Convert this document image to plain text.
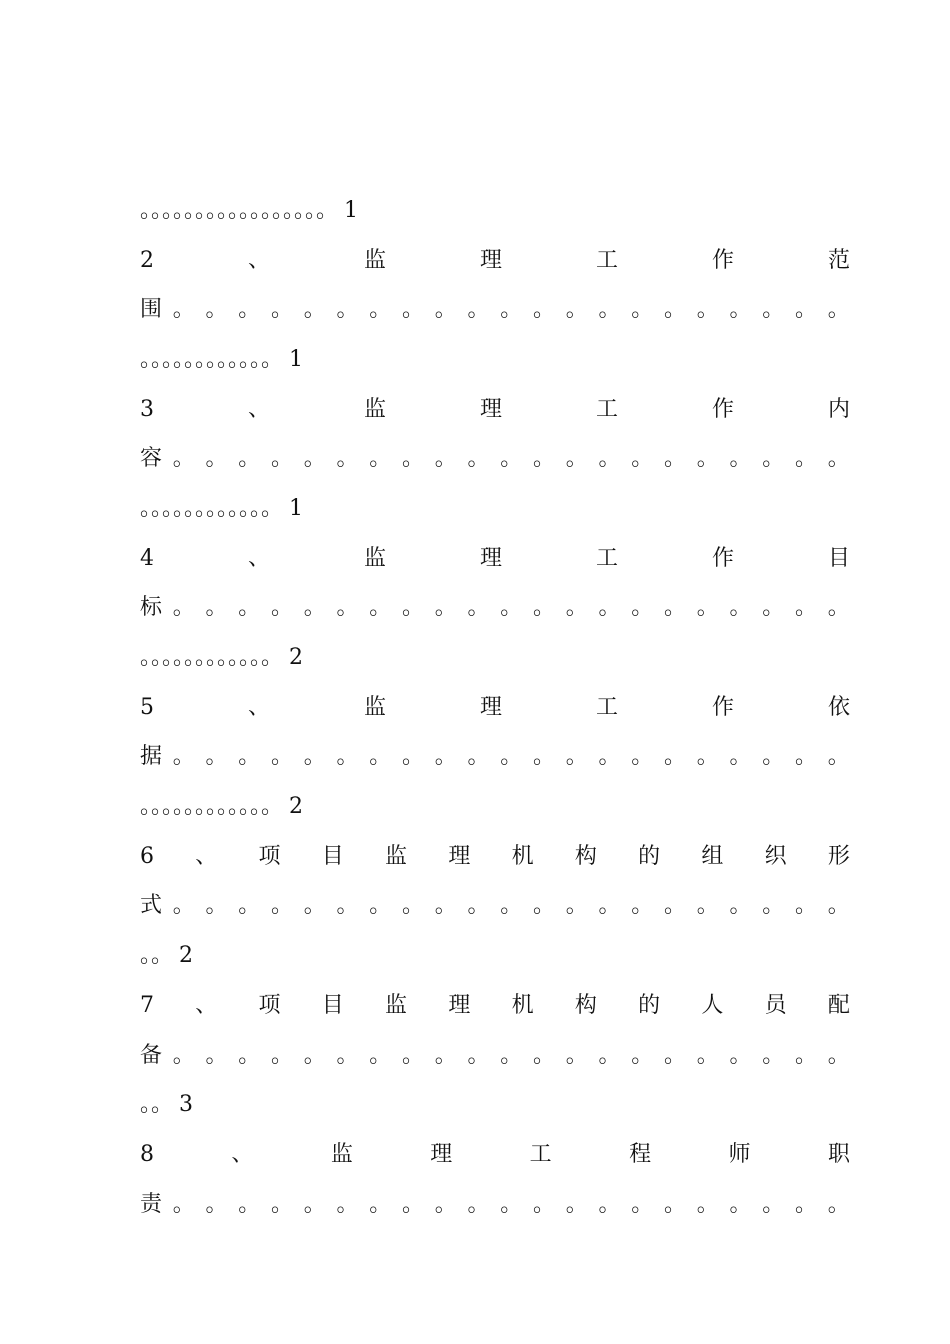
。。。。。。。。。。。。。。。。。 1
2	、	监	理	工	作	范
围 。 。 。 。 。 。 。 。 。 。 。 。 。 。 。 。 。 。 。 。 。
。。。。。。。。。。。。 1
3	、	监	理	工	作	内
容 。 。 。 。 。 。 。 。 。 。 。 。 。 。 。 。 。 。 。 。 。
。。。。。。。。。。。。 1
4	、	监	理	工	作	目
标 。 。 。 。 。 。 。 。 。 。 。 。 。 。 。 。 。 。 。 。 。
。。。。。。。。。。。。 2
5	、	监	理	工	作	依
据 。 。 。 。 。 。 。 。 。 。 。 。 。 。 。 。 。 。 。 。 。
。。。。。。。。。。。。 2
6 、 项 目 监 理 机 构 的 组 织 形
式 。 。 。 。 。 。 。 。 。 。 。 。 。 。 。 。 。 。 。 。 。
。。 2
7 、 项 目 监 理 机 构 的 人 员 配
备 。 。 。 。 。 。 。 。 。 。 。 。 。 。 。 。 。 。 。 。 。
。。 3
8	、	监	理	工	程	师	职
责 。 。 。 。 。 。 。 。 。 。 。 。 。 。 。 。 。 。 。 。 。
